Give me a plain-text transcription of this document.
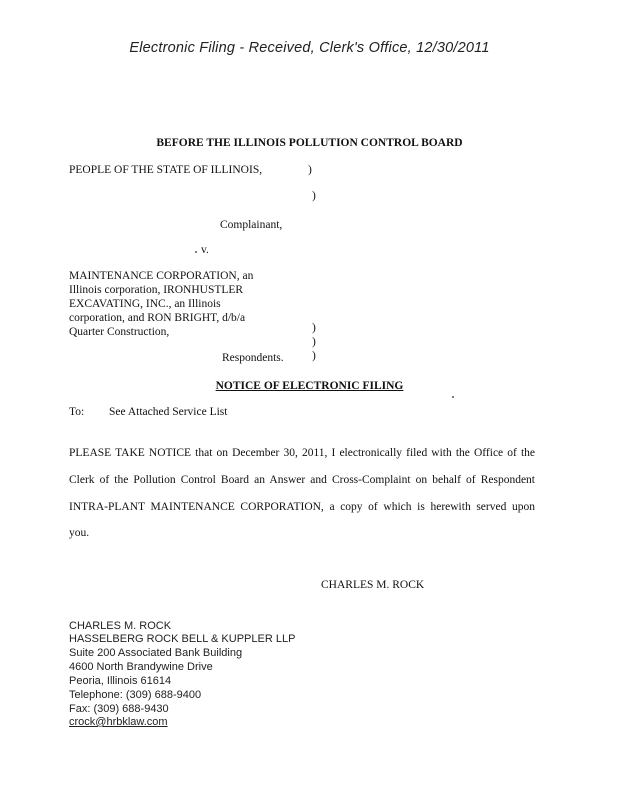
Electronic Filing - Received, Clerk's Office, 12/30/2011
BEFORE THE ILLINOIS POLLUTION CONTROL BOARD
PEOPLE OF THE STATE OF ILLINOIS,	)
)
Complainant,
v.
MAINTENANCE CORPORATION, an
Illinois corporation, IRONHUSTLER
EXCAVATING, INC., an Illinois
corporation, and RON BRIGHT, d/b/a
Quarter Construction,	)
)
)
Respondents.
NOTICE OF ELECTRONIC FILING
To: See Attached Service List
PLEASE TAKE NOTICE that on December 30, 2011, I electronically filed with the Office of the
Clerk of the Pollution Control Board an Answer and Cross-Complaint on behalf of Respondent
INTRA-PLANT MAINTENANCE CORPORATION, a copy of which is herewith served upon
you.
CHARLES M. ROCK
CHARLES M. ROCK
HASSELBERG ROCK BELL & KUPPLER LLP
Suite 200 Associated Bank Building
4600 North Brandywine Drive
Peoria, Illinois 61614
Telephone: (309) 688-9400
Fax: (309) 688-9430
crock@hrbklaw.com
